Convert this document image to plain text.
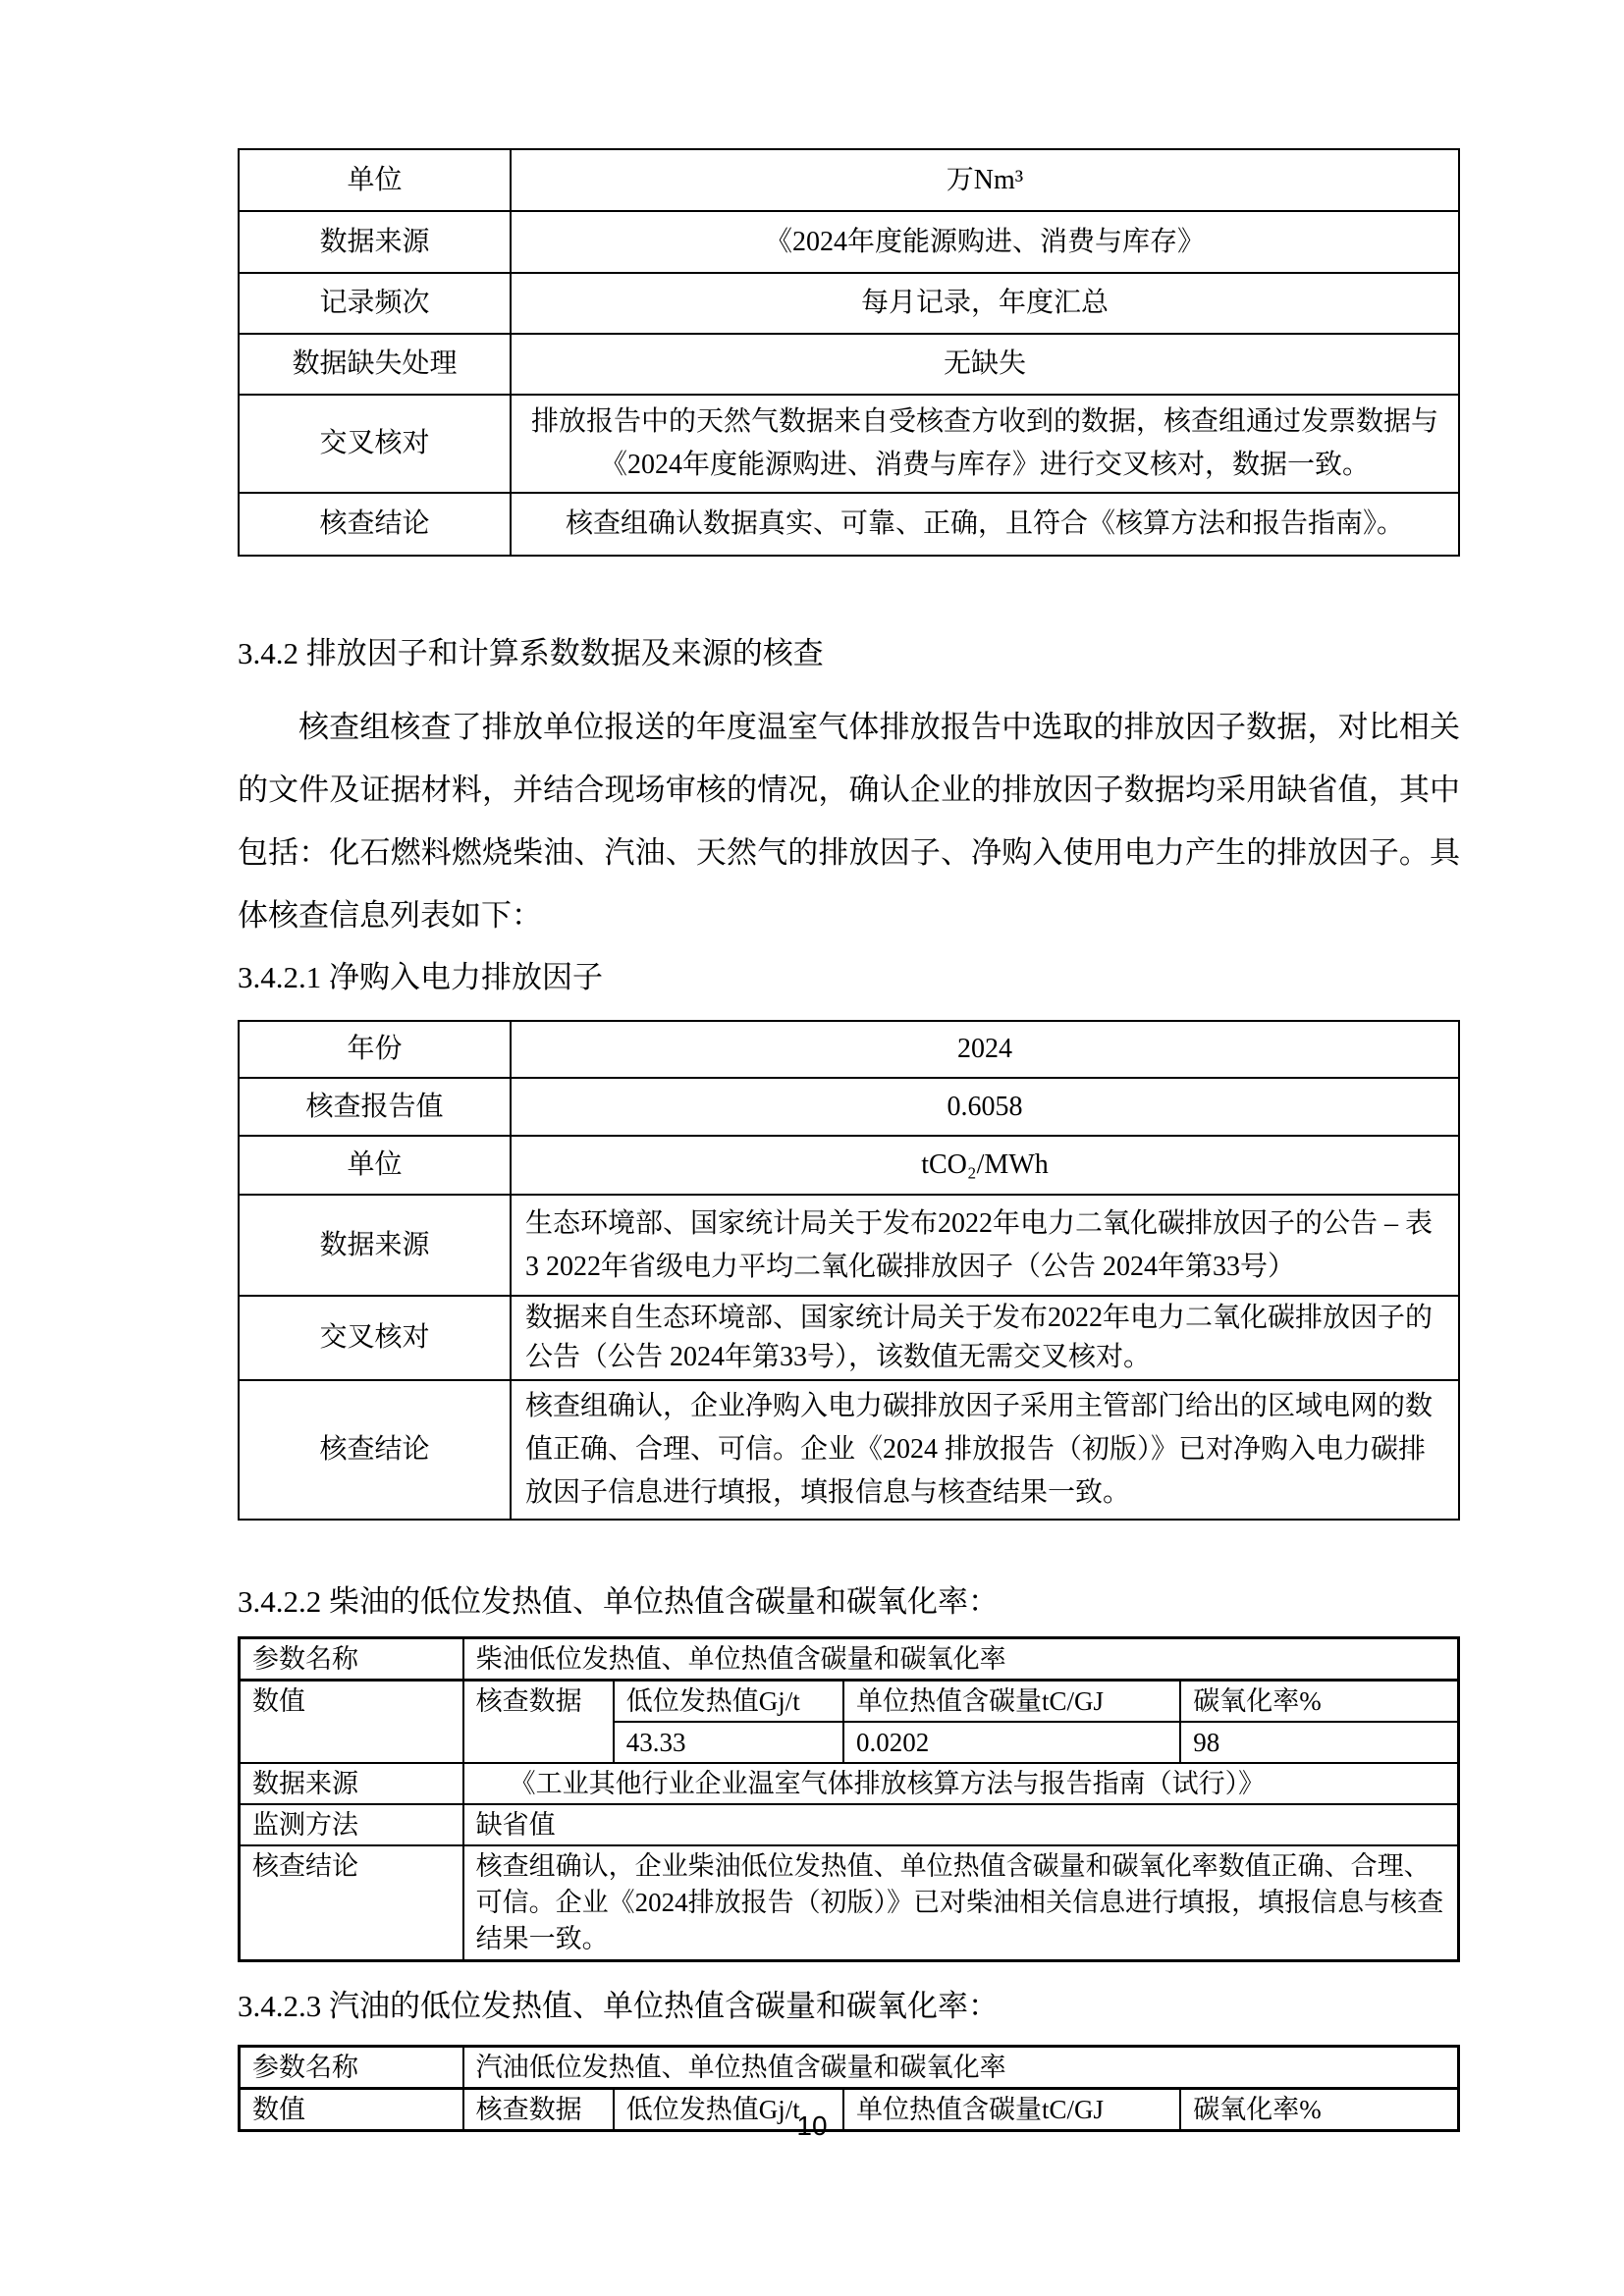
单位	万Nm³
数据来源	《2024年度能源购进、消费与库存》
记录频次	每月记录，年度汇总
数据缺失处理	无缺失
交叉核对	排放报告中的天然气数据来自受核查方收到的数据，核查组通过发票数据与《2024年度能源购进、消费与库存》进行交叉核对，数据一致。
核查结论	核查组确认数据真实、可靠、正确，且符合《核算方法和报告指南》。
3.4.2 排放因子和计算系数数据及来源的核查

核查组核查了排放单位报送的年度温室气体排放报告中选取的排放因子数据，对比相关的文件及证据材料，并结合现场审核的情况，确认企业的排放因子数据均采用缺省值，其中包括：化石燃料燃烧柴油、汽油、天然气的排放因子、净购入使用电力产生的排放因子。具体核查信息列表如下：

3.4.2.1 净购入电力排放因子
年份	2024
核查报告值	0.6058
单位	tCO₂/MWh
数据来源	生态环境部、国家统计局关于发布2022年电力二氧化碳排放因子的公告 – 表3 2022年省级电力平均二氧化碳排放因子（公告 2024年第33号）
交叉核对	数据来自生态环境部、国家统计局关于发布2022年电力二氧化碳排放因子的公告（公告 2024年第33号），该数值无需交叉核对。
核查结论	核查组确认，企业净购入电力碳排放因子采用主管部门给出的区域电网的数值正确、合理、可信。企业《2024 排放报告（初版）》已对净购入电力碳排放因子信息进行填报，填报信息与核查结果一致。
3.4.2.2 柴油的低位发热值、单位热值含碳量和碳氧化率：
参数名称	柴油低位发热值、单位热值含碳量和碳氧化率			
数值	核查数据	低位发热值Gj/t	单位热值含碳量tC/GJ	碳氧化率%
		43.33	0.0202	98
数据来源	《工业其他行业企业温室气体排放核算方法与报告指南（试行）》			
监测方法	缺省值			
核查结论	核查组确认，企业柴油低位发热值、单位热值含碳量和碳氧化率数值正确、合理、可信。企业《2024排放报告（初版）》已对柴油相关信息进行填报，填报信息与核查结果一致。			
3.4.2.3 汽油的低位发热值、单位热值含碳量和碳氧化率：
参数名称	汽油低位发热值、单位热值含碳量和碳氧化率			
数值	核查数据	低位发热值Gj/t	单位热值含碳量tC/GJ	碳氧化率%
10
